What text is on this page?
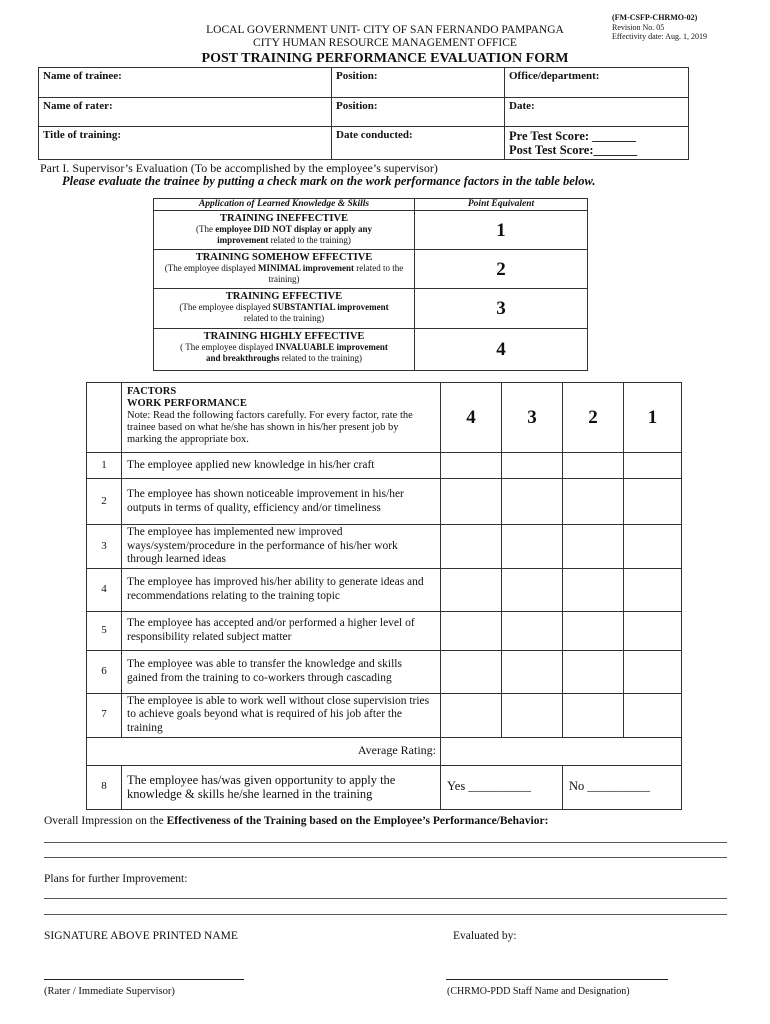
(FM-CSFP-CHRMO-02)
Revision No. 05
Effectivity date: Aug. 1, 2019
LOCAL GOVERNMENT UNIT- CITY OF SAN FERNANDO PAMPANGA
CITY HUMAN RESOURCE MANAGEMENT OFFICE
POST TRAINING PERFORMANCE EVALUATION FORM
Name of trainee:	Position:	Office/department:
Name of rater:	Position:	Date:
Title of training:	Date conducted:	Pre Test Score: _______
Post Test Score:_______
Part I. Supervisor’s Evaluation (To be accomplished by the employee’s supervisor)
Please evaluate the trainee by putting a check mark on the work performance factors in the table below.
Application of Learned Knowledge & Skills	Point Equivalent

TRAINING INEFFECTIVE
(The employee DID NOT display or apply any
improvement related to the training)	1

TRAINING SOMEHOW EFFECTIVE
(The employee displayed MINIMAL improvement related to the training)	2

TRAINING EFFECTIVE
(The employee displayed SUBSTANTIAL improvement
related to the training)	3

TRAINING HIGHLY EFFECTIVE
( The employee displayed INVALUABLE improvement
and breakthroughs related to the training)	4

	FACTORS
WORK PERFORMANCE
Note: Read the following factors carefully. For every factor, rate the trainee based on what he/she has shown in his/her present job by marking the appropriate box.	4	3	2	1
1	The employee applied new knowledge in his/her craft				
2	The employee has shown noticeable improvement in his/her outputs in terms of quality, efficiency and/or timeliness				
3	The employee has implemented new improved ways/system/procedure in the performance of his/her work through learned ideas				
4	The employee has improved his/her ability to generate ideas and recommendations relating to the training topic				
5	The employee has accepted and/or performed a higher level of responsibility related subject matter				
6	The employee was able to transfer the knowledge and skills gained from the training to co-workers through cascading				
7	The employee is able to work well without close supervision tries to achieve goals beyond what is required of his job after the training				
Average Rating:					
8	The employee has/was given opportunity to apply the knowledge & skills he/she learned in the training	Yes __________		No __________	
Overall Impression on the Effectiveness of the Training based on the Employee’s Performance/Behavior:
Plans for further Improvement:
SIGNATURE ABOVE PRINTED NAME	Evaluated by:
(Rater / Immediate Supervisor)	(CHRMO-PDD Staff Name and Designation)
